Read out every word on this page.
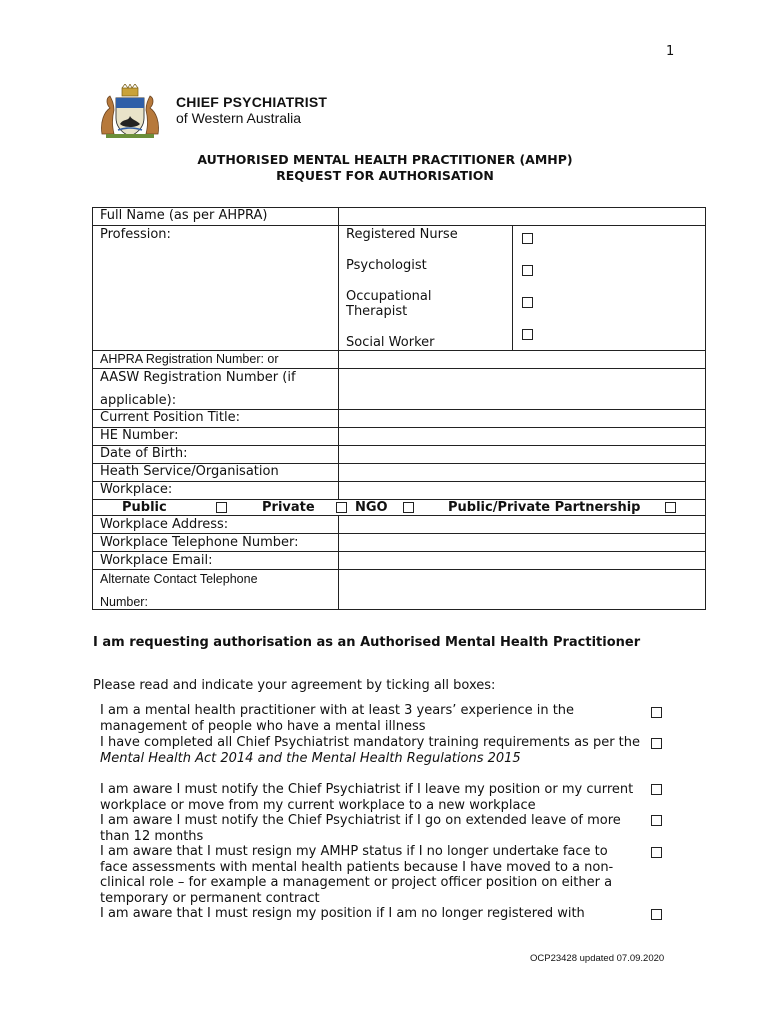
1
CHIEF PSYCHIATRIST
of Western Australia
AUTHORISED MENTAL HEALTH PRACTITIONER (AMHP)
REQUEST FOR AUTHORISATION
Full Name (as per AHPRA)
Profession:	Registered Nurse
Psychologist
Occupational Therapist
Social Worker
AHPRA Registration Number: or
AASW Registration Number (if
applicable):
Current Position Title:
HE Number:
Date of Birth:
Heath Service/Organisation
Workplace:
Public	Private	NGO	Public/Private Partnership
Workplace Address:
Workplace Telephone Number:
Workplace Email:
Alternate Contact Telephone
Number:
I am requesting authorisation as an Authorised Mental Health Practitioner
Please read and indicate your agreement by ticking all boxes:
I am a mental health practitioner with at least 3 years’ experience in the management of people who have a mental illness
I have completed all Chief Psychiatrist mandatory training requirements as per the Mental Health Act 2014 and the Mental Health Regulations 2015
I am aware I must notify the Chief Psychiatrist if I leave my position or my current workplace or move from my current workplace to a new workplace
I am aware I must notify the Chief Psychiatrist if I go on extended leave of more than 12 months
I am aware that I must resign my AMHP status if I no longer undertake face to face assessments with mental health patients because I have moved to a non-clinical role – for example a management or project officer position on either a temporary or permanent contract
I am aware that I must resign my position if I am no longer registered with
OCP23428 updated 07.09.2020
